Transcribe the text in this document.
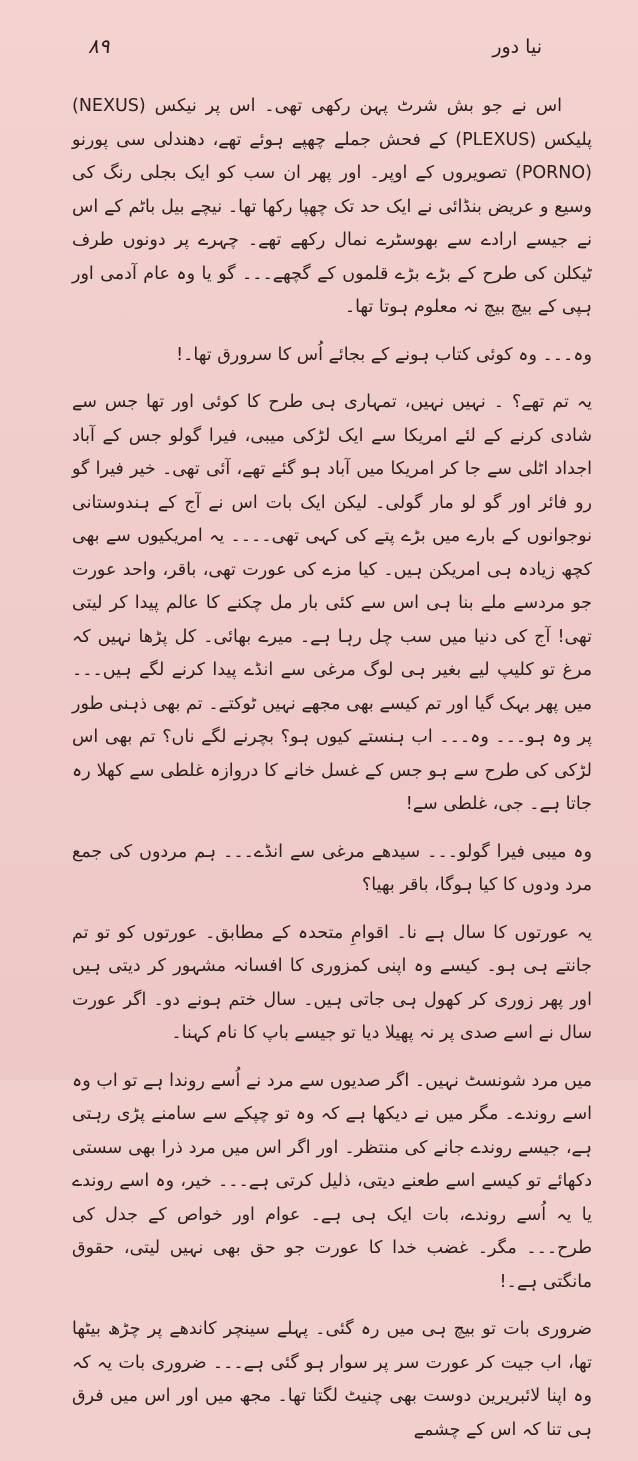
۸۹	نیا دور

اس نے جو بش شرٹ پہن رکھی تھی۔ اس پر نیکس (NEXUS) پلیکس (PLEXUS) کے فحش جملے چھپے ہوئے تھے، دھندلی سی پورنو (PORNO) تصویروں کے اوپر۔ اور پھر ان سب کو ایک بجلی رنگ کی وسیع و عریض بنڈائی نے ایک حد تک چھپا رکھا تھا۔ نیچے بیل باٹم کے اس نے جیسے ارادے سے بھوسٹرے نمال رکھے تھے۔ چہرے پر دونوں طرف ٹیکلن کی طرح کے بڑے بڑے قلموں کے گچھے۔۔۔ گو یا وہ عام آدمی اور ہپی کے بیچ بیچ نہ معلوم ہوتا تھا۔

وہ۔۔۔ وہ کوئی کتاب ہونے کے بجائے اُس کا سرورق تھا۔!

یہ تم تھے؟ ۔ نہیں نہیں، تمہاری ہی طرح کا کوئی اور تھا جس سے شادی کرنے کے لئے امریکا سے ایک لڑکی میبی، فیرا گولو جس کے آباد اجداد اٹلی سے جا کر امریکا میں آباد ہو گئے تھے، آئی تھی۔ خیر فیرا گو رو فائر اور گو لو مار گولی۔ لیکن ایک بات اس نے آج کے ہندوستانی نوجوانوں کے بارے میں بڑے پتے کی کہی تھی۔۔۔۔ یہ امریکیوں سے بھی کچھ زیادہ ہی امریکن ہیں۔ کیا مزے کی عورت تھی، باقر، واحد عورت جو مردسے ملے بنا ہی اس سے کئی بار مل چکنے کا عالم پیدا کر لیتی تھی! آج کی دنیا میں سب چل رہا ہے۔ میرے بھائی۔ کل پڑھا نہیں کہ مرغ تو کلیپ لیے بغیر ہی لوگ مرغی سے انڈے پیدا کرنے لگے ہیں۔۔۔ میں پھر بہک گیا اور تم کیسے بھی مجھے نہیں ٹوکتے۔ تم بھی ذہنی طور پر وہ ہو۔۔۔ وہ۔۔۔ اب ہنستے کیوں ہو؟ بچرنے لگے ناں؟ تم بھی اس لڑکی کی طرح سے ہو جس کے غسل خانے کا دروازہ غلطی سے کھلا رہ جاتا ہے۔ جی، غلطی سے!

وہ میبی فیرا گولو۔۔۔ سیدھے مرغی سے انڈے۔۔۔ ہم مردوں کی جمع مرد ودوں کا کیا ہوگا، باقر بھیا؟

یہ عورتوں کا سال ہے نا۔ اقوامِ متحدہ کے مطابق۔ عورتوں کو تو تم جانتے ہی ہو۔ کیسے وہ اپنی کمزوری کا افسانہ مشہور کر دیتی ہیں اور پھر زوری کر کھول ہی جاتی ہیں۔ سال ختم ہونے دو۔ اگر عورت سال نے اسے صدی پر نہ پھیلا دیا تو جیسے باپ کا نام کہنا۔

میں مرد شونسٹ نہیں۔ اگر صدیوں سے مرد نے اُسے روندا ہے تو اب وہ اسے روندے۔ مگر میں نے دیکھا ہے کہ وہ تو چپکے سے سامنے پڑی رہتی ہے، جیسے روندے جانے کی منتظر۔ اور اگر اس میں مرد ذرا بھی سستی دکھائے تو کیسے اسے طعنے دیتی، ذلیل کرتی ہے۔۔۔ خیر، وہ اسے روندے یا یہ اُسے روندے، بات ایک ہی ہے۔ عوام اور خواص کے جدل کی طرح۔۔۔ مگر۔ غضب خدا کا عورت جو حق بھی نہیں لیتی، حقوق مانگتی ہے۔!

ضروری بات تو بیچ ہی میں رہ گئی۔ پہلے سینچر کاندھے پر چڑھ بیٹھا تھا، اب جیت کر عورت سر پر سوار ہو گئی ہے۔۔۔ ضروری بات یہ کہ وہ اپنا لائبریرین دوست بھی چنیٹ لگتا تھا۔ مجھ میں اور اس میں فرق ہی تنا کہ اس کے چشمے
